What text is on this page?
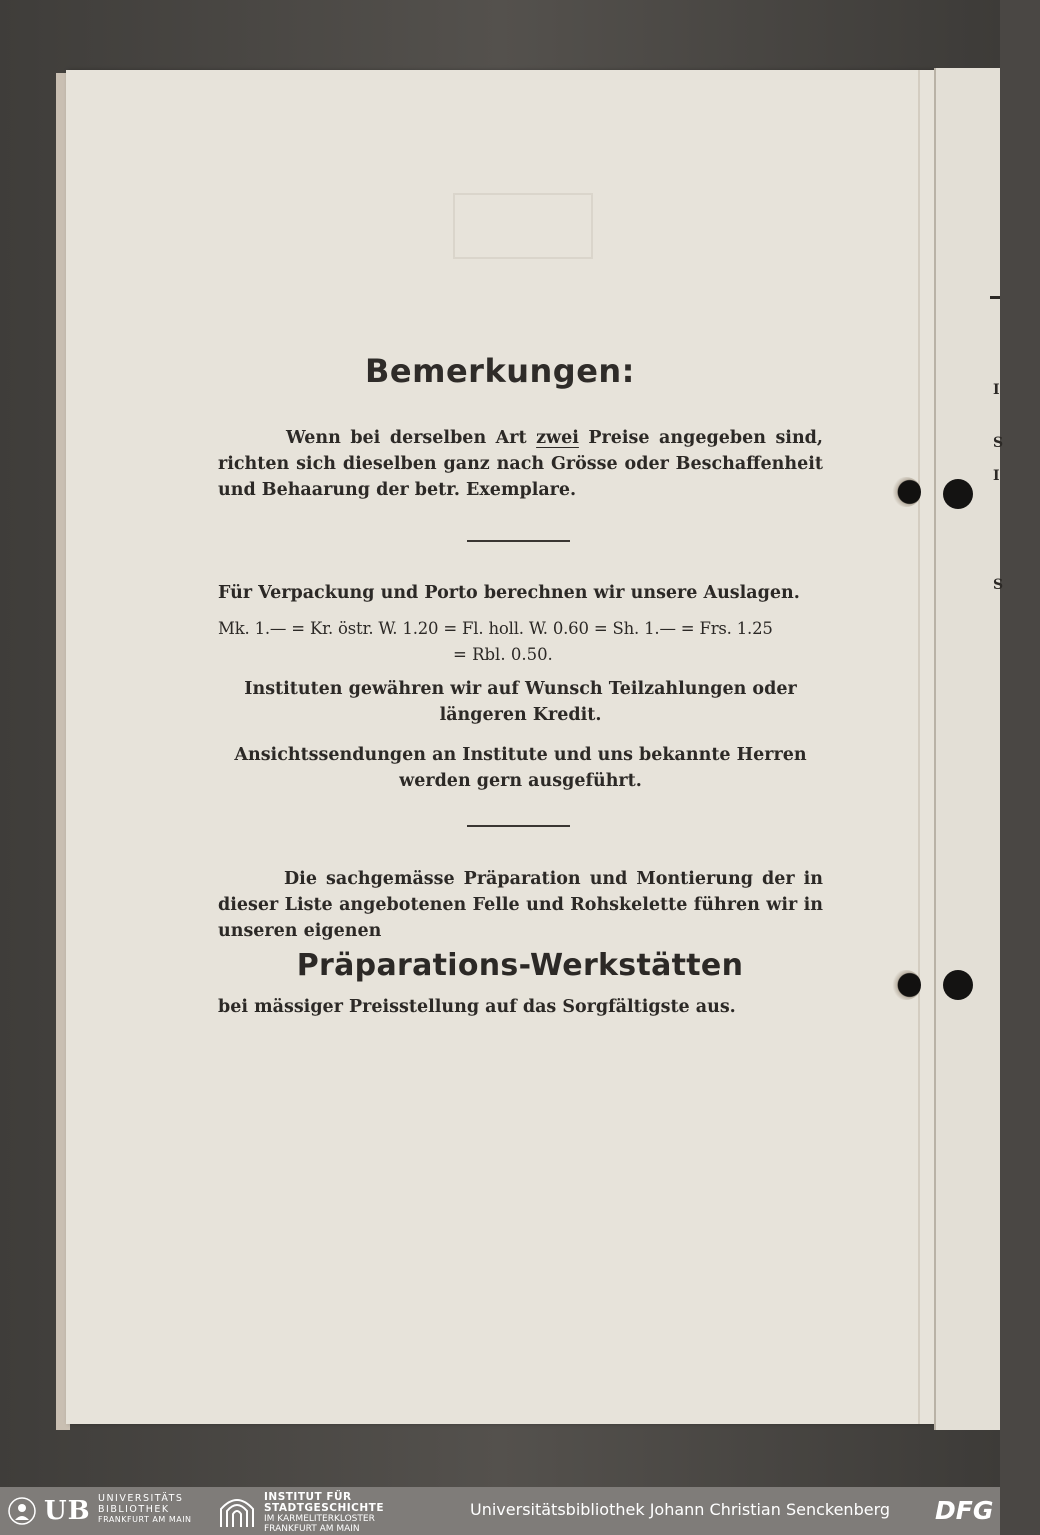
Bemerkungen:
Wenn bei derselben Art zwei Preise angegeben sind, richten sich dieselben ganz nach Grösse oder Beschaffenheit und Behaarung der betr. Exemplare.
Für Verpackung und Porto berechnen wir unsere Auslagen.
Mk. 1.— = Kr. östr. W. 1.20 = Fl. holl. W. 0.60 = Sh. 1.— = Frs. 1.25
= Rbl. 0.50.
Instituten gewähren wir auf Wunsch Teilzahlungen oder längeren Kredit.
Ansichtssendungen an Institute und uns bekannte Herren werden gern ausgeführt.
Die sachgemässe Präparation und Montierung der in dieser Liste angebotenen Felle und Rohskelette führen wir in unseren eigenen
Präparations-Werkstätten
bei mässiger Preisstellung auf das Sorgfältigste aus.
I
S
I
S
UB UNIVERSITÄTS
BIBLIOTHEK
FRANKFURT AM MAIN
INSTITUT FÜR
STADTGESCHICHTE
IM KARMELITERKLOSTER
FRANKFURT AM MAIN
Universitätsbibliothek Johann Christian Senckenberg DFG
